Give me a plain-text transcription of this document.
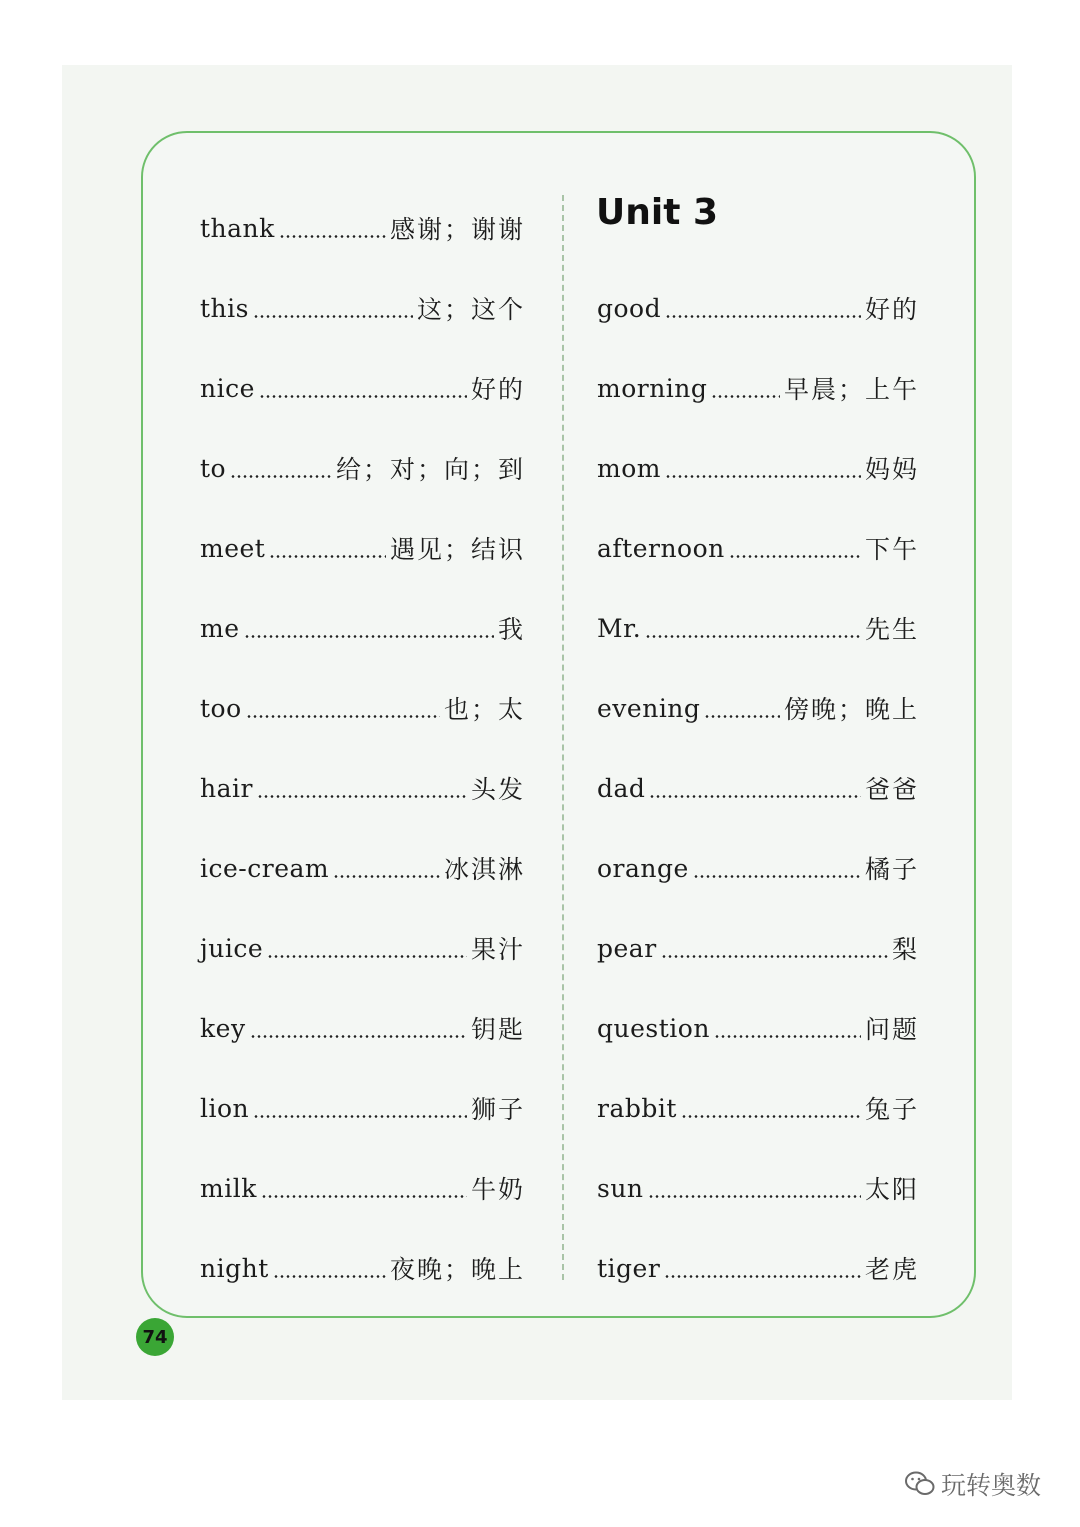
thank	感谢；谢谢
this	这；这个
nice	好的
to	给；对；向；到
meet	遇见；结识
me	我
too	也；太
hair	头发
ice-cream	冰淇淋
juice	果汁
key	钥匙
lion	狮子
milk	牛奶
night	夜晚；晚上
Unit 3
good	好的
morning	早晨；上午
mom	妈妈
afternoon	下午
Mr.	先生
evening	傍晚；晚上
dad	爸爸
orange	橘子
pear	梨
question	问题
rabbit	兔子
sun	太阳
tiger	老虎
74
玩转奥数
